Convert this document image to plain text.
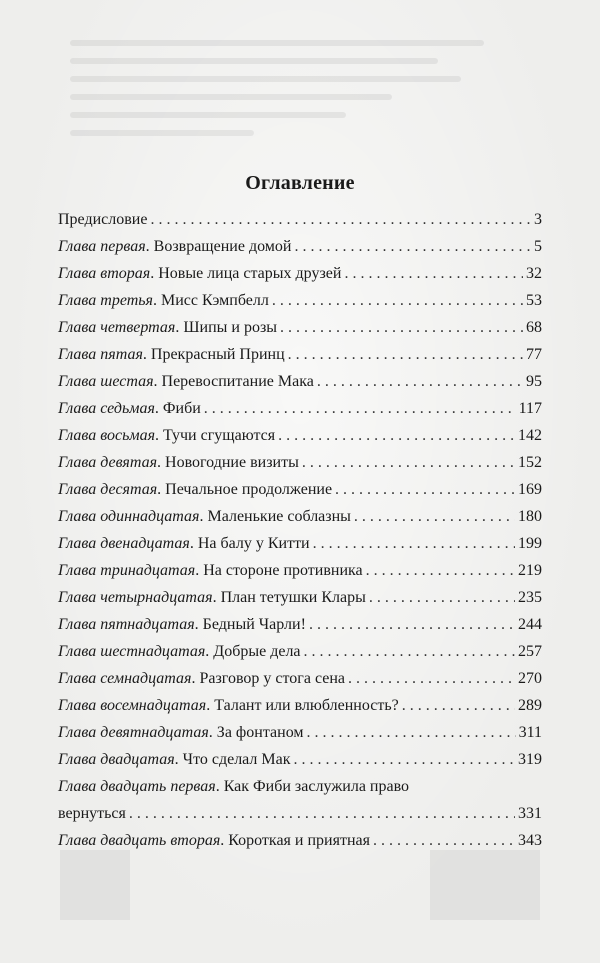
Оглавление
Предисловие . . .	3
Глава первая. Возвращение домой . . .	5
Глава вторая. Новые лица старых друзей . . .	32
Глава третья. Мисс Кэмпбелл . . .	53
Глава четвертая. Шипы и розы . . .	68
Глава пятая. Прекрасный Принц . . .	77
Глава шестая. Перевоспитание Мака . . .	95
Глава седьмая. Фиби . . .	117
Глава восьмая. Тучи сгущаются . . .	142
Глава девятая. Новогодние визиты . . .	152
Глава десятая. Печальное продолжение . . .	169
Глава одиннадцатая. Маленькие соблазны . . .	180
Глава двенадцатая. На балу у Китти . . .	199
Глава тринадцатая. На стороне противника . . .	219
Глава четырнадцатая. План тетушки Клары . . .	235
Глава пятнадцатая. Бедный Чарли! . . .	244
Глава шестнадцатая. Добрые дела . . .	257
Глава семнадцатая. Разговор у стога сена . . .	270
Глава восемнадцатая. Талант или влюбленность? . . .	289
Глава девятнадцатая. За фонтаном . . .	311
Глава двадцатая. Что сделал Мак . . .	319
Глава двадцать первая. Как Фиби заслужила право
вернуться . . .	331
Глава двадцать вторая. Короткая и приятная . . .	343
